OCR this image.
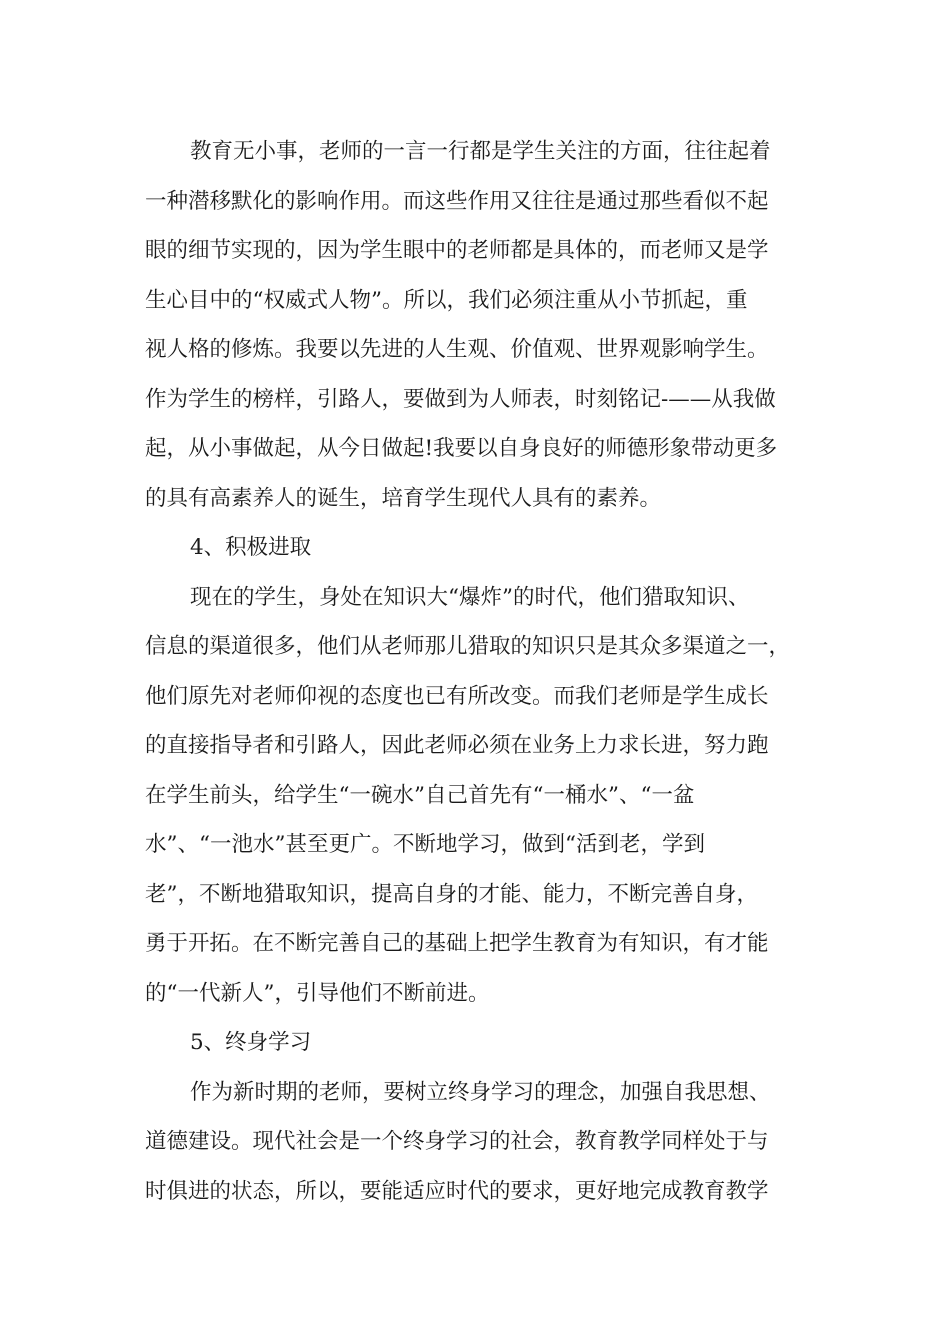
教育无小事，老师的一言一行都是学生关注的方面，往往起着
一种潜移默化的影响作用。而这些作用又往往是通过那些看似不起
眼的细节实现的，因为学生眼中的老师都是具体的，而老师又是学
生心目中的“权威式人物”。所以，我们必须注重从小节抓起，重
视人格的修炼。我要以先进的人生观、价值观、世界观影响学生。
作为学生的榜样，引路人，要做到为人师表，时刻铭记-——从我做
起，从小事做起，从今日做起!我要以自身良好的师德形象带动更多
的具有高素养人的诞生，培育学生现代人具有的素养。
4、积极进取
现在的学生，身处在知识大“爆炸”的时代，他们猎取知识、
信息的渠道很多，他们从老师那儿猎取的知识只是其众多渠道之一，
他们原先对老师仰视的态度也已有所改变。而我们老师是学生成长
的直接指导者和引路人，因此老师必须在业务上力求长进，努力跑
在学生前头，给学生“一碗水”自己首先有“一桶水”、“一盆
水”、“一池水”甚至更广。不断地学习，做到“活到老，学到
老”，不断地猎取知识，提高自身的才能、能力，不断完善自身，
勇于开拓。在不断完善自己的基础上把学生教育为有知识，有才能
的“一代新人”，引导他们不断前进。
5、终身学习
作为新时期的老师，要树立终身学习的理念，加强自我思想、
道德建设。现代社会是一个终身学习的社会，教育教学同样处于与
时俱进的状态，所以，要能适应时代的要求，更好地完成教育教学
